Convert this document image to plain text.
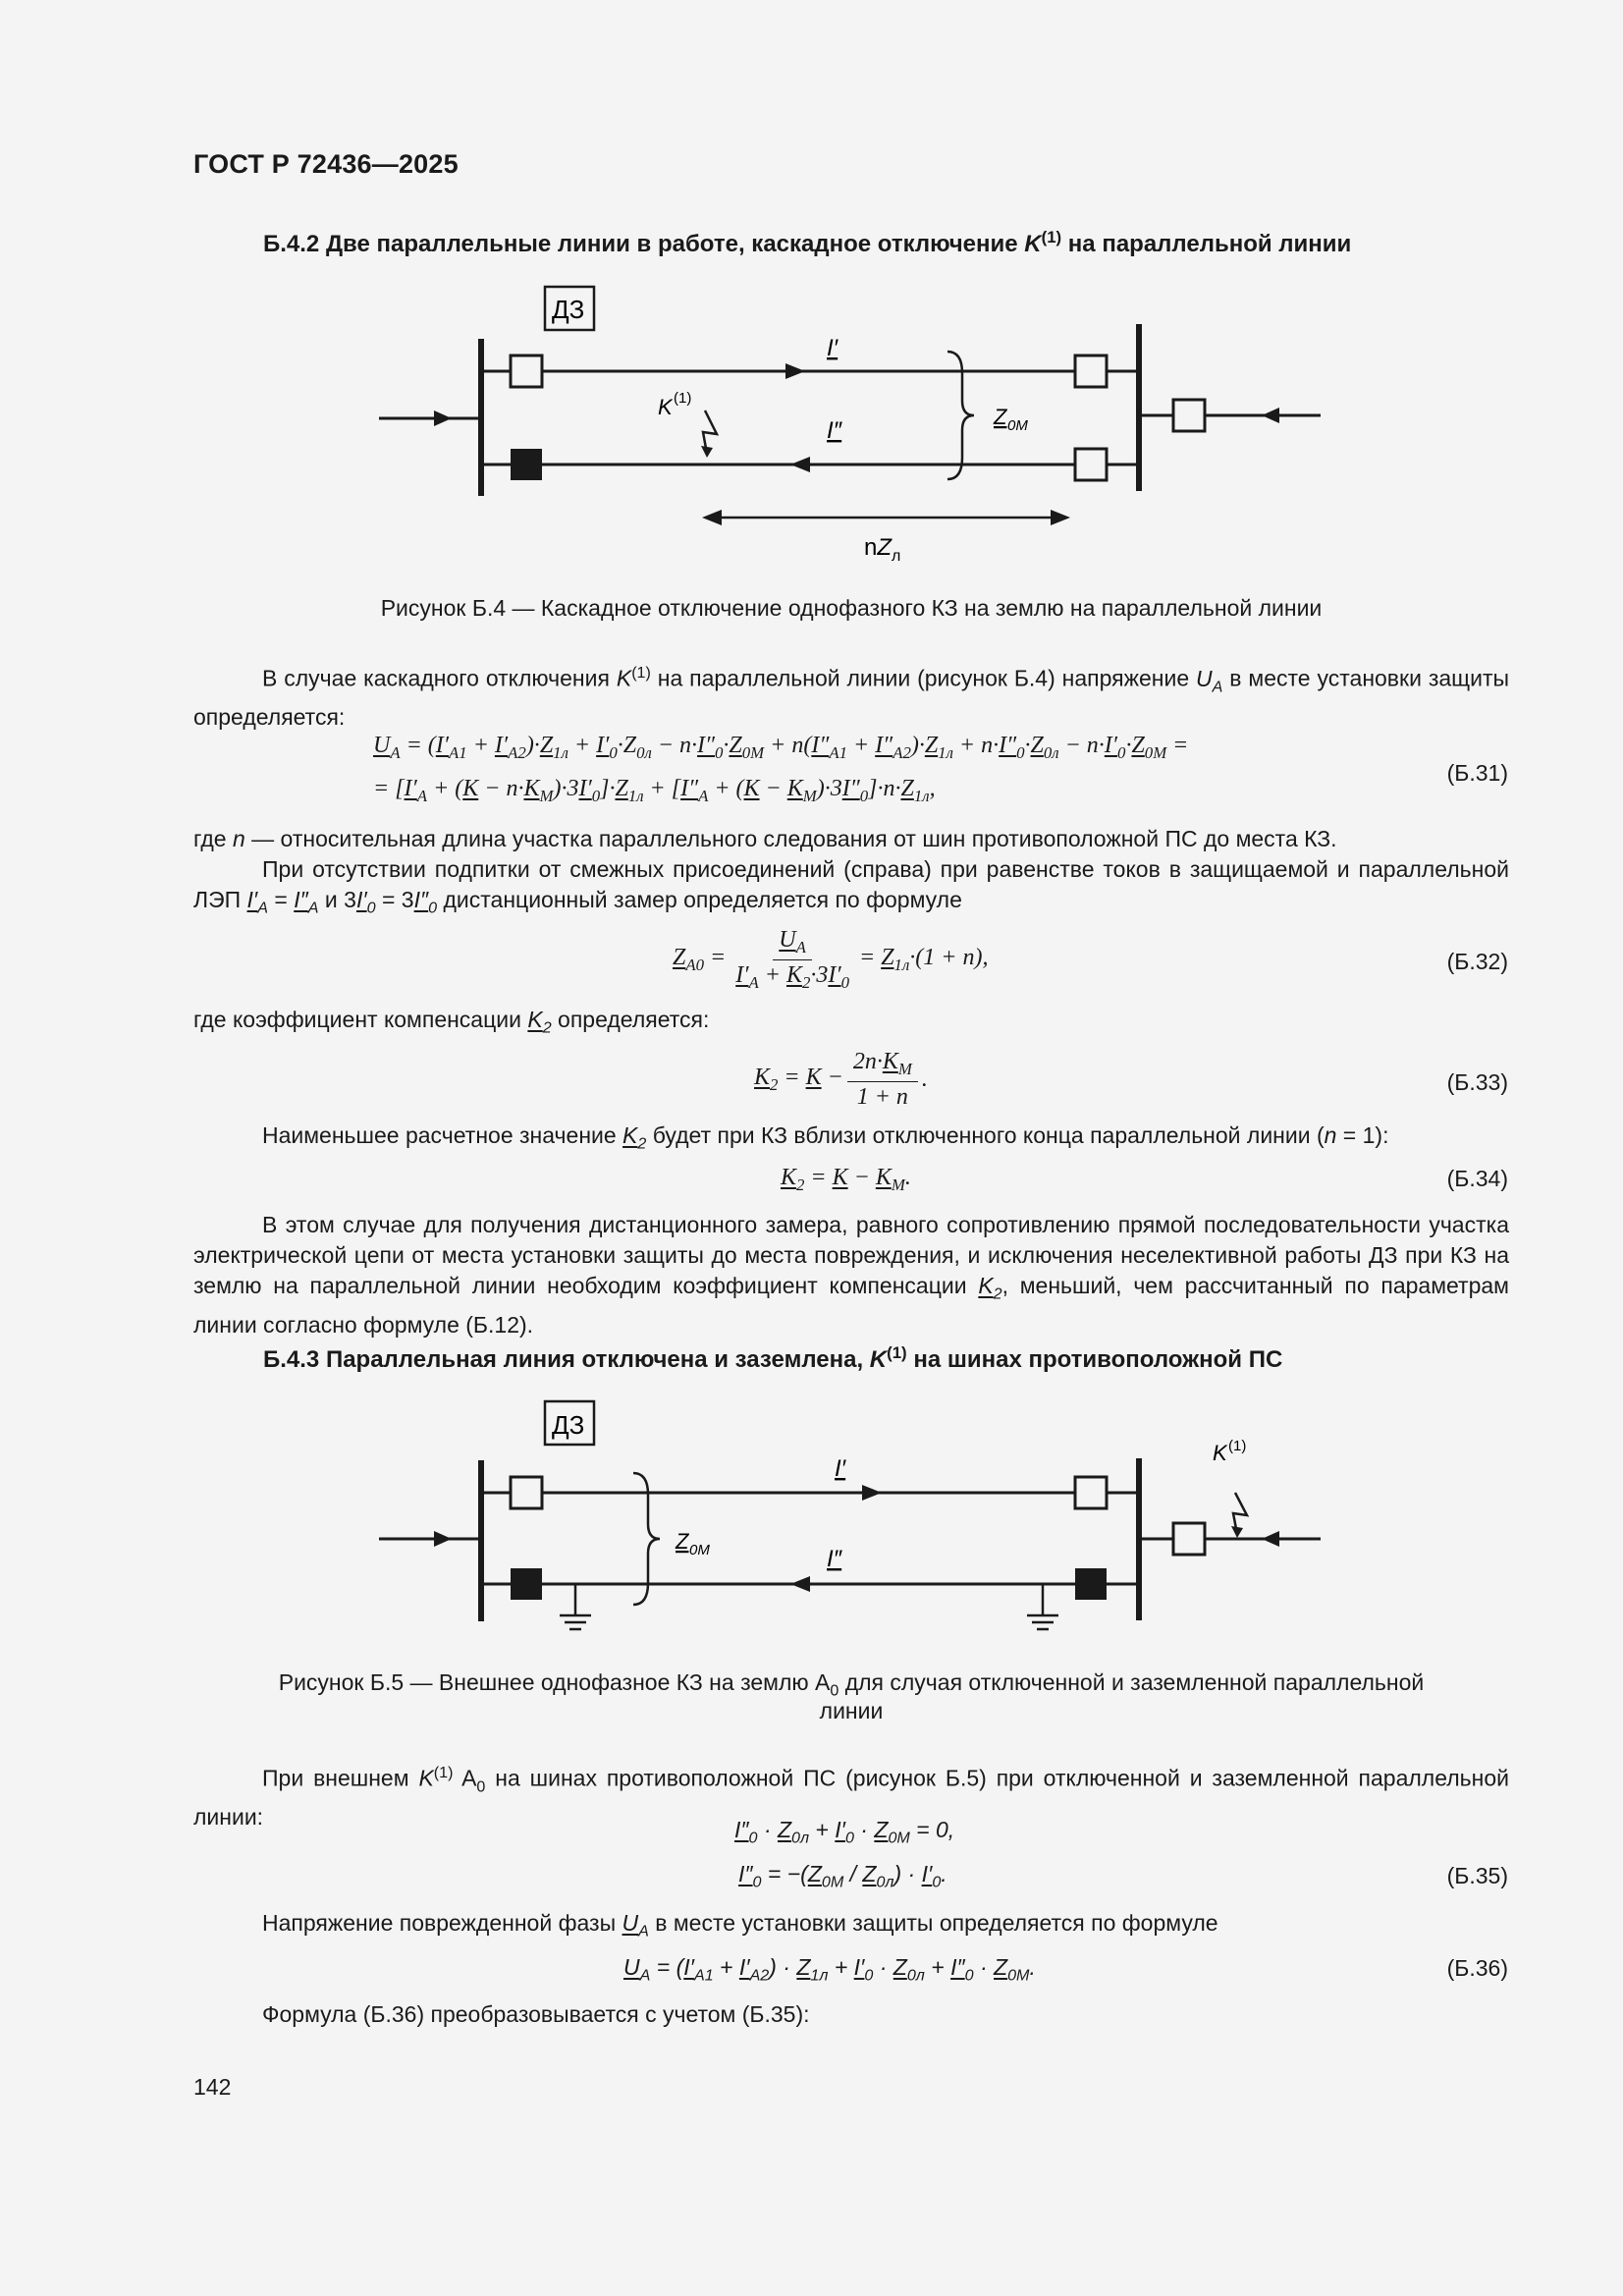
ГОСТ Р 72436—2025
Б.4.2 Две параллельные линии в работе, каскадное отключение $K^{(1)}$ на параллельной линии
ДЗ
I′
I″
K (1)
Z 0M
$nZ_л$
Рисунок Б.4 — Каскадное отключение однофазного КЗ на землю на параллельной линии
В случае каскадного отключения $K^{(1)}$ на параллельной линии (рисунок Б.4) напряжение $U_A$ в месте установки защиты определяется:
$U_A = (I'_{A1} + I'_{A2})\cdot Z_{1л} + I'_0\cdot Z_{0л} - n\cdot I''_0\cdot Z_{0M} + n(I''_{A1} + I''_{A2})\cdot Z_{1л} + n\cdot I''_0\cdot Z_{0л} - n\cdot I'_0\cdot Z_{0M}$ =
= $[I'_A + (K - n\cdot K_M)\cdot 3I'_0]\cdot Z_{1л} + [I''_A + (K - K_M)\cdot 3I''_0]\cdot n\cdot Z_{1л}$,
(Б.31)
где n — относительная длина участка параллельного следования от шин противоположной ПС до места КЗ.
При отсутствии подпитки от смежных присоединений (справа) при равенстве токов в защищаемой и параллельной ЛЭП $I'_A = I''_A$ и $3I'_0 = 3I''_0$ дистанционный замер определяется по формуле
$Z_{A0} = \frac{U_A}{I'_A + K_2\cdot 3I'_0} = Z_{1л}\cdot(1 + n)$,	(Б.32)
где коэффициент компенсации $K_2$ определяется:
$K_2 = K - \frac{2n\cdot K_M}{1 + n}$ .	(Б.33)
Наименьшее расчетное значение $K_2$ будет при КЗ вблизи отключенного конца параллельной линии (n = 1):
$K_2 = K - K_M$.	(Б.34)
В этом случае для получения дистанционного замера, равного сопротивлению прямой последовательности участка электрической цепи от места установки защиты до места повреждения, и исключения неселективной работы ДЗ при КЗ на землю на параллельной линии необходим коэффициент компенсации $K_2$, меньший, чем рассчитанный по параметрам линии согласно формуле (Б.12).
Б.4.3 Параллельная линия отключена и заземлена, $K^{(1)}$ на шинах противоположной ПС
ДЗ
I′
I″
K (1)
Z 0M
Рисунок Б.5 — Внешнее однофазное КЗ на землю $A_0$ для случая отключенной и заземленной параллельной
линии
При внешнем $K^{(1)}$ $A_0$ на шинах противоположной ПС (рисунок Б.5) при отключенной и заземленной параллельной линии:	$I''_0 \cdot Z_{0л} + I'_0 \cdot Z_{0M} = 0$,
$I''_0 = -(Z_{0M} / Z_{0л}) \cdot I'_0$.	(Б.35)
Напряжение поврежденной фазы $U_A$ в месте установки защиты определяется по формуле
$U_A = (I'_{A1} + I'_{A2}) \cdot Z_{1л} + I'_0 \cdot Z_{0л} + I''_0 \cdot Z_{0M}$.	(Б.36)
Формула (Б.36) преобразовывается с учетом (Б.35):
142
